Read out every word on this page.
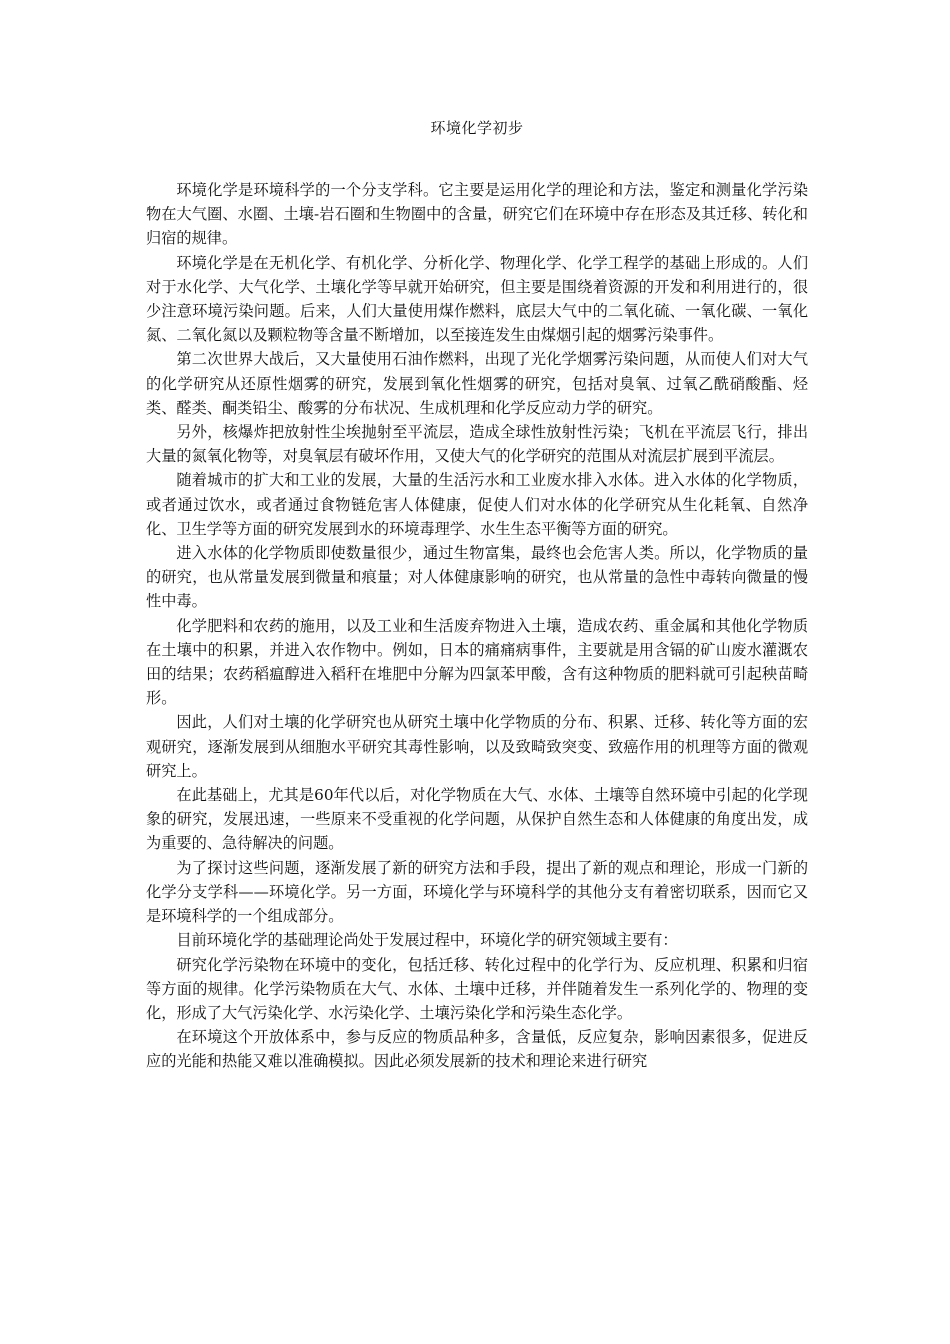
环境化学初步

环境化学是环境科学的一个分支学科。它主要是运用化学的理论和方法，鉴定和测量化学污染物在大气圈、水圈、土壤-岩石圈和生物圈中的含量，研究它们在环境中存在形态及其迁移、转化和归宿的规律。

环境化学是在无机化学、有机化学、分析化学、物理化学、化学工程学的基础上形成的。人们对于水化学、大气化学、土壤化学等早就开始研究，但主要是围绕着资源的开发和利用进行的，很少注意环境污染问题。后来，人们大量使用煤作燃料，底层大气中的二氧化硫、一氧化碳、一氧化氮、二氧化氮以及颗粒物等含量不断增加，以至接连发生由煤烟引起的烟雾污染事件。

第二次世界大战后，又大量使用石油作燃料，出现了光化学烟雾污染问题，从而使人们对大气的化学研究从还原性烟雾的研究，发展到氧化性烟雾的研究，包括对臭氧、过氧乙酰硝酸酯、烃类、醛类、酮类铅尘、酸雾的分布状况、生成机理和化学反应动力学的研究。

另外，核爆炸把放射性尘埃抛射至平流层，造成全球性放射性污染；飞机在平流层飞行，排出大量的氮氧化物等，对臭氧层有破坏作用，又使大气的化学研究的范围从对流层扩展到平流层。

随着城市的扩大和工业的发展，大量的生活污水和工业废水排入水体。进入水体的化学物质，或者通过饮水，或者通过食物链危害人体健康，促使人们对水体的化学研究从生化耗氧、自然净化、卫生学等方面的研究发展到水的环境毒理学、水生生态平衡等方面的研究。

进入水体的化学物质即使数量很少，通过生物富集，最终也会危害人类。所以，化学物质的量的研究，也从常量发展到微量和痕量；对人体健康影响的研究，也从常量的急性中毒转向微量的慢性中毒。

化学肥料和农药的施用，以及工业和生活废弃物进入土壤，造成农药、重金属和其他化学物质在土壤中的积累，并进入农作物中。例如，日本的痛痛病事件，主要就是用含镉的矿山废水灌溉农田的结果；农药稻瘟醇进入稻秆在堆肥中分解为四氯苯甲酸，含有这种物质的肥料就可引起秧苗畸形。

因此，人们对土壤的化学研究也从研究土壤中化学物质的分布、积累、迁移、转化等方面的宏观研究，逐渐发展到从细胞水平研究其毒性影响，以及致畸致突变、致癌作用的机理等方面的微观研究上。

在此基础上，尤其是60年代以后，对化学物质在大气、水体、土壤等自然环境中引起的化学现象的研究，发展迅速，一些原来不受重视的化学问题，从保护自然生态和人体健康的角度出发，成为重要的、急待解决的问题。

为了探讨这些问题，逐渐发展了新的研究方法和手段，提出了新的观点和理论，形成一门新的化学分支学科——环境化学。另一方面，环境化学与环境科学的其他分支有着密切联系，因而它又是环境科学的一个组成部分。

目前环境化学的基础理论尚处于发展过程中，环境化学的研究领域主要有：

研究化学污染物在环境中的变化，包括迁移、转化过程中的化学行为、反应机理、积累和归宿等方面的规律。化学污染物质在大气、水体、土壤中迁移，并伴随着发生一系列化学的、物理的变化，形成了大气污染化学、水污染化学、土壤污染化学和污染生态化学。

在环境这个开放体系中，参与反应的物质品种多，含量低，反应复杂，影响因素很多，促进反应的光能和热能又难以准确模拟。因此必须发展新的技术和理论来进行研究
